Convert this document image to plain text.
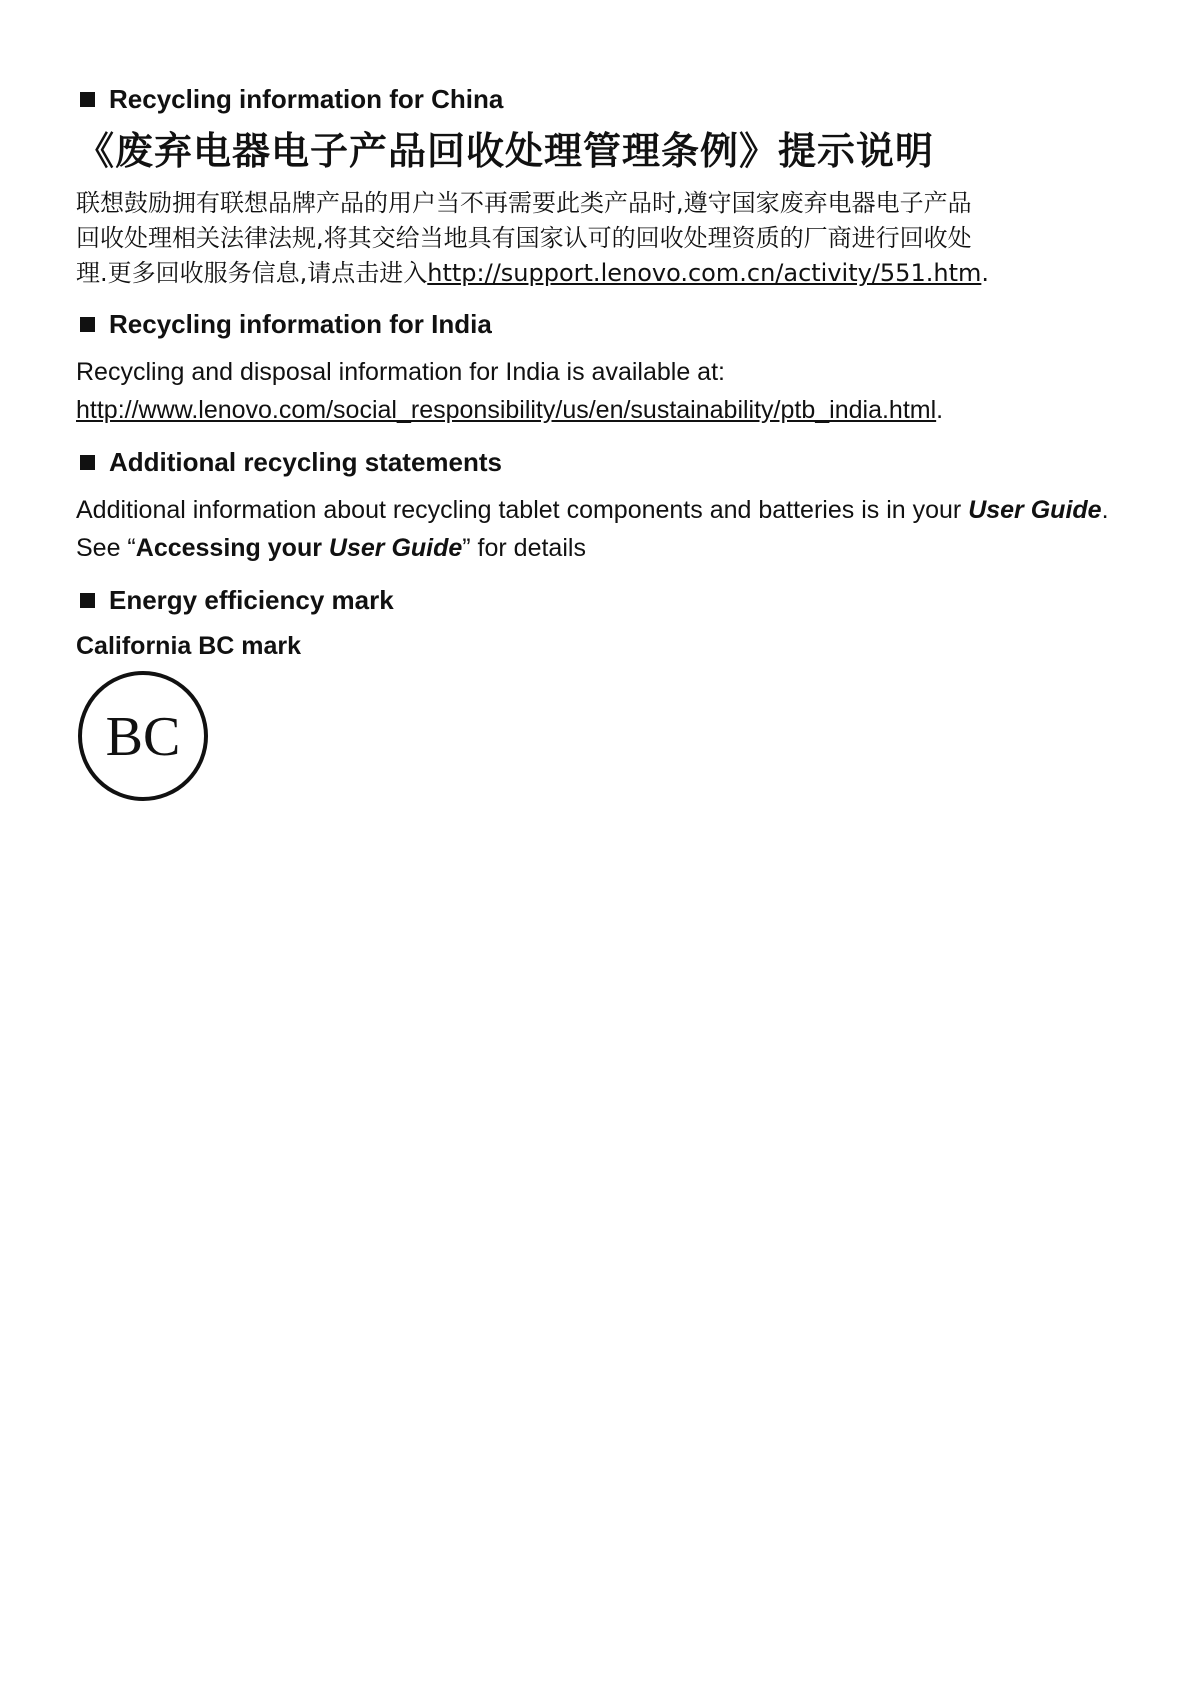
Recycling information for China
《废弃电器电子产品回收处理管理条例》提示说明

联想鼓励拥有联想品牌产品的用户当不再需要此类产品时,遵守国家废弃电器电子产品
回收处理相关法律法规,将其交给当地具有国家认可的回收处理资质的厂商进行回收处
理.更多回收服务信息,请点击进入http://support.lenovo.com.cn/activity/551.htm.

Recycling information for India

Recycling and disposal information for India is available at:
http://www.lenovo.com/social_responsibility/us/en/sustainability/ptb_india.html.

Additional recycling statements

Additional information about recycling tablet components and batteries is in your User Guide. See “Accessing your User Guide” for details

Energy efficiency mark

California BC mark

BC
